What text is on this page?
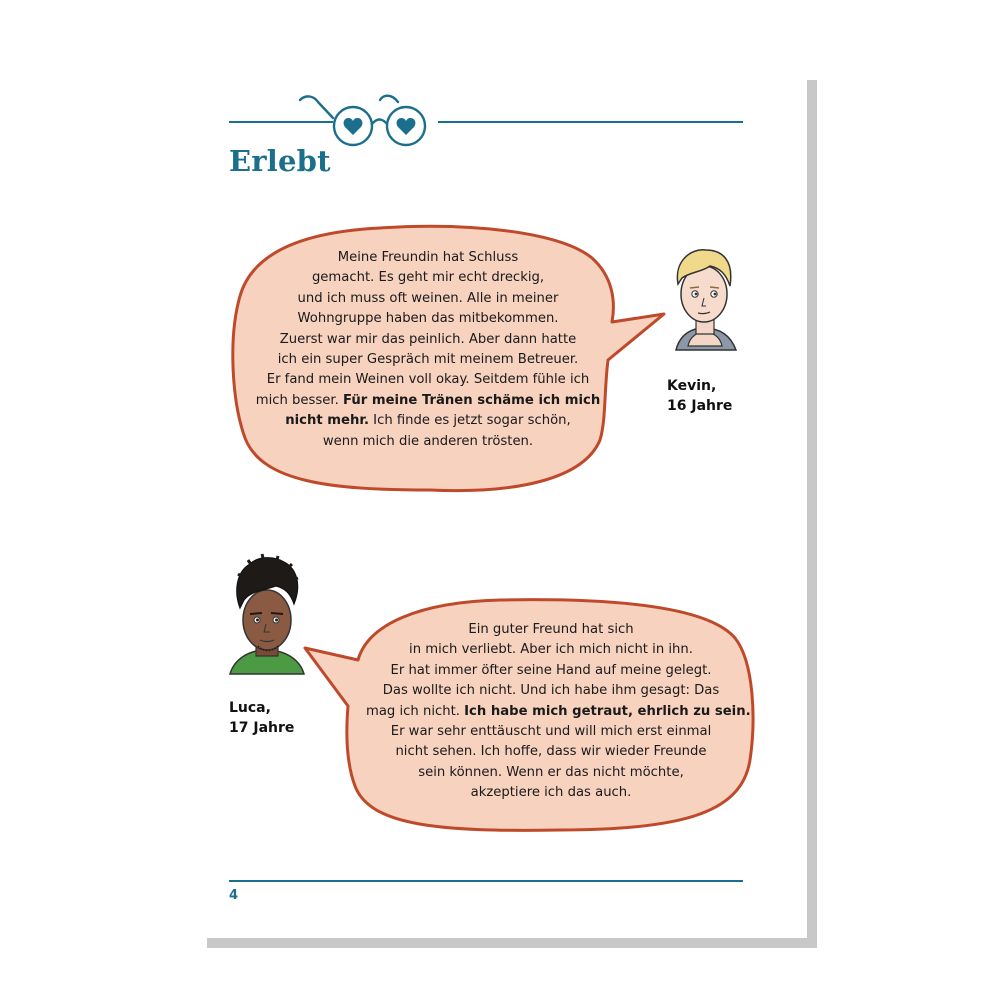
Erlebt
Meine Freundin hat Schluss
gemacht. Es geht mir echt dreckig,
und ich muss oft weinen. Alle in meiner
Wohngruppe haben das mitbekommen.
Zuerst war mir das peinlich. Aber dann hatte
ich ein super Gespräch mit meinem Betreuer.
Er fand mein Weinen voll okay. Seitdem fühle ich
mich besser. Für meine Tränen schäme ich mich
nicht mehr. Ich finde es jetzt sogar schön,
wenn mich die anderen trösten.
Kevin,
16 Jahre
Luca,
17 Jahre
Ein guter Freund hat sich
in mich verliebt. Aber ich mich nicht in ihn.
Er hat immer öfter seine Hand auf meine gelegt.
Das wollte ich nicht. Und ich habe ihm gesagt: Das
mag ich nicht. Ich habe mich getraut, ehrlich zu sein.
Er war sehr enttäuscht und will mich erst einmal
nicht sehen. Ich hoffe, dass wir wieder Freunde
sein können. Wenn er das nicht möchte,
akzeptiere ich das auch.
4
